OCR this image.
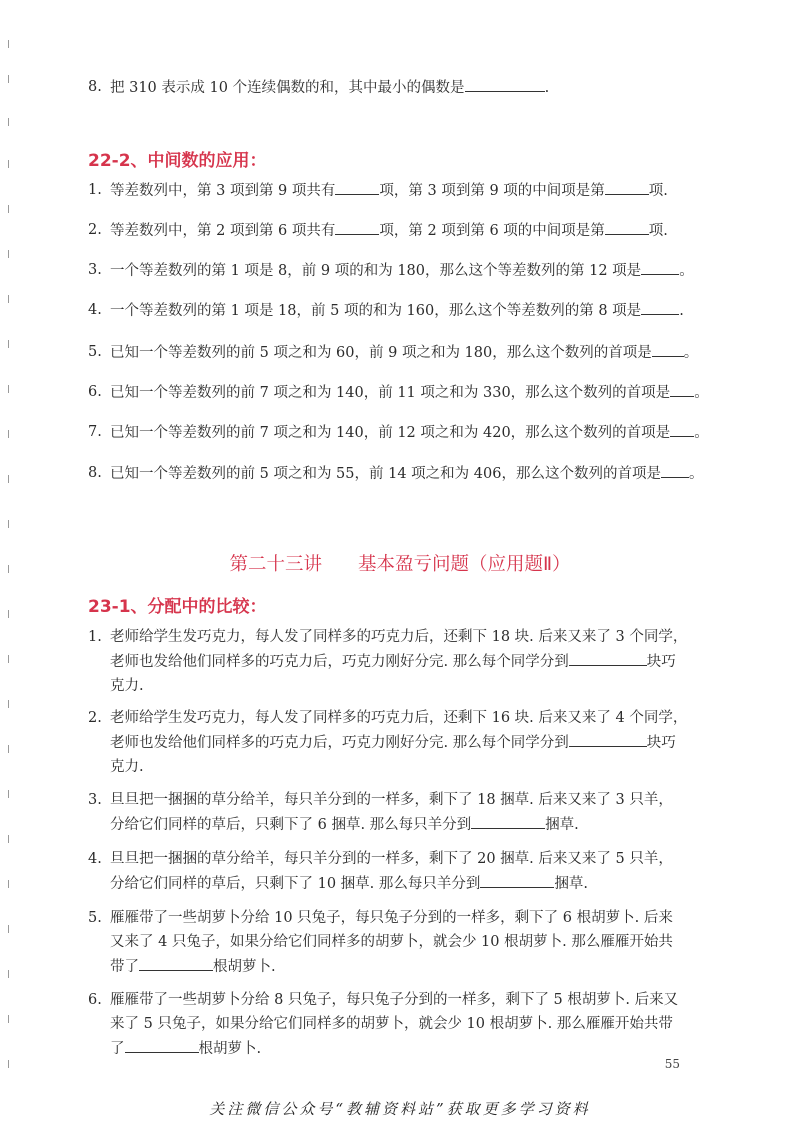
8. 把 310 表示成 10 个连续偶数的和，其中最小的偶数是	.
22-2、中间数的应用：
1. 等差数列中，第 3 项到第 9 项共有	项，第 3 项到第 9 项的中间项是第	项.
2. 等差数列中，第 2 项到第 6 项共有	项，第 2 项到第 6 项的中间项是第	项.
3. 一个等差数列的第 1 项是 8，前 9 项的和为 180，那么这个等差数列的第 12 项是	。
4. 一个等差数列的第 1 项是 18，前 5 项的和为 160，那么这个等差数列的第 8 项是	.
5. 已知一个等差数列的前 5 项之和为 60，前 9 项之和为 180，那么这个数列的首项是 。
6. 已知一个等差数列的前 7 项之和为 140，前 11 项之和为 330，那么这个数列的首项是 。
7. 已知一个等差数列的前 7 项之和为 140，前 12 项之和为 420，那么这个数列的首项是 。
8. 已知一个等差数列的前 5 项之和为 55，前 14 项之和为 406，那么这个数列的首项是 。
第二十三讲 基本盈亏问题（应用题Ⅱ）
23-1、分配中的比较：
1. 老师给学生发巧克力，每人发了同样多的巧克力后，还剩下 18 块. 后来又来了 3 个同学，
老师也发给他们同样多的巧克力后，巧克力刚好分完. 那么每个同学分到	块巧
克力.
2. 老师给学生发巧克力，每人发了同样多的巧克力后，还剩下 16 块. 后来又来了 4 个同学，
老师也发给他们同样多的巧克力后，巧克力刚好分完. 那么每个同学分到	块巧
克力.
3. 旦旦把一捆捆的草分给羊，每只羊分到的一样多，剩下了 18 捆草. 后来又来了 3 只羊，
分给它们同样的草后，只剩下了 6 捆草. 那么每只羊分到	捆草.
4. 旦旦把一捆捆的草分给羊，每只羊分到的一样多，剩下了 20 捆草. 后来又来了 5 只羊，
分给它们同样的草后，只剩下了 10 捆草. 那么每只羊分到	捆草.
5. 雁雁带了一些胡萝卜分给 10 只兔子，每只兔子分到的一样多，剩下了 6 根胡萝卜. 后来
又来了 4 只兔子，如果分给它们同样多的胡萝卜，就会少 10 根胡萝卜. 那么雁雁开始共
带了	根胡萝卜.
6. 雁雁带了一些胡萝卜分给 8 只兔子，每只兔子分到的一样多，剩下了 5 根胡萝卜. 后来又
来了 5 只兔子，如果分给它们同样多的胡萝卜，就会少 10 根胡萝卜. 那么雁雁开始共带
了	根胡萝卜.
55
关注微信公众号“教辅资料站”获取更多学习资料
